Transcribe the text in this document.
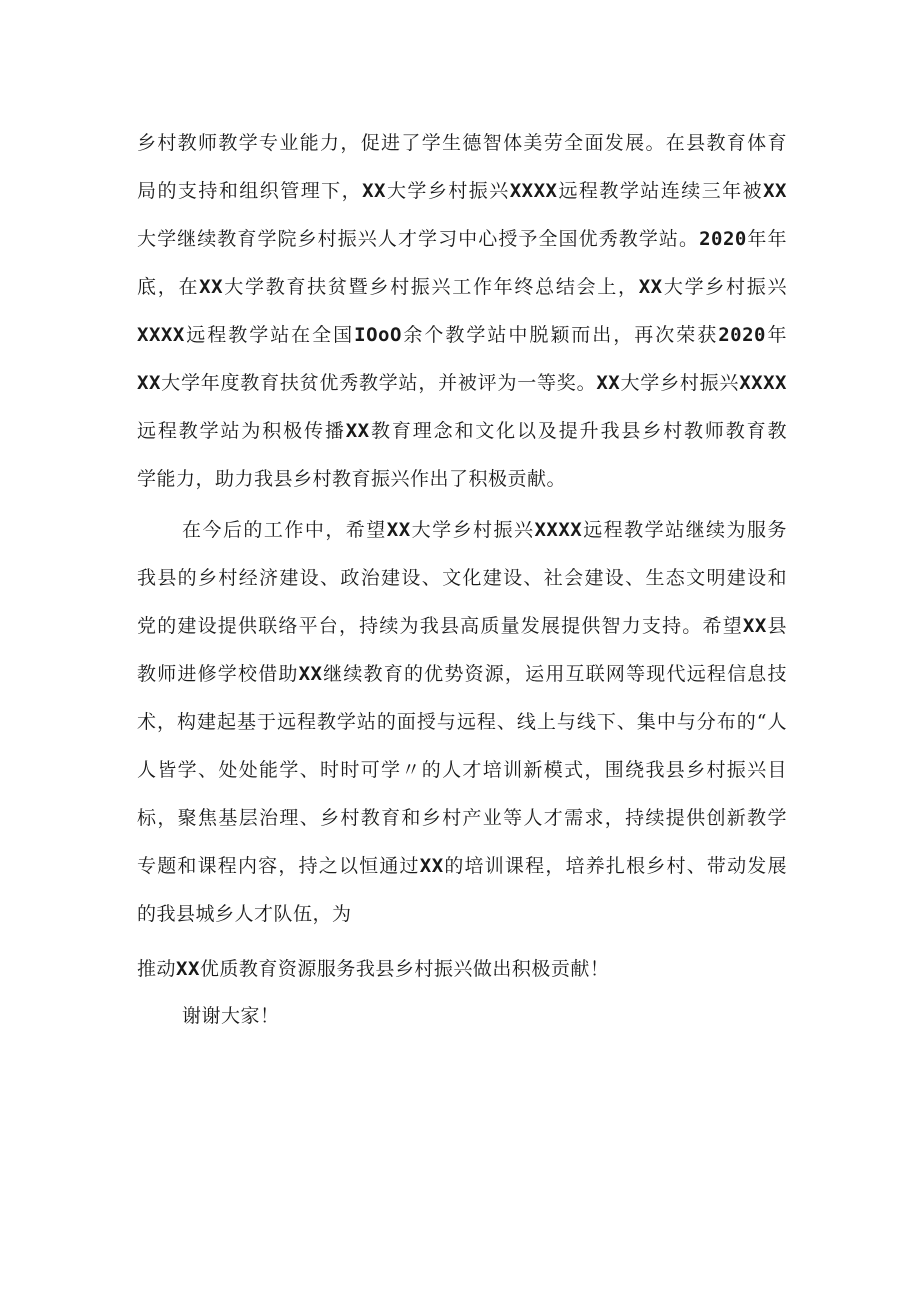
乡村教师教学专业能力，促进了学生德智体美劳全面发展。在县教育体育
局的支持和组织管理下，XX大学乡村振兴XXXX远程教学站连续三年被XX
大学继续教育学院乡村振兴人才学习中心授予全国优秀教学站。2020年年
底，在XX大学教育扶贫暨乡村振兴工作年终总结会上，XX大学乡村振兴
XXXX远程教学站在全国IOoO余个教学站中脱颖而出，再次荣获2020年
XX大学年度教育扶贫优秀教学站，并被评为一等奖。XX大学乡村振兴XXXX
远程教学站为积极传播XX教育理念和文化以及提升我县乡村教师教育教
学能力，助力我县乡村教育振兴作出了积极贡献。
在今后的工作中，希望XX大学乡村振兴XXXX远程教学站继续为服务
我县的乡村经济建设、政治建设、文化建设、社会建设、生态文明建设和
党的建设提供联络平台，持续为我县高质量发展提供智力支持。希望XX县
教师进修学校借助XX继续教育的优势资源，运用互联网等现代远程信息技
术，构建起基于远程教学站的面授与远程、线上与线下、集中与分布的“人
人皆学、处处能学、时时可学〃的人才培训新模式，围绕我县乡村振兴目
标，聚焦基层治理、乡村教育和乡村产业等人才需求，持续提供创新教学
专题和课程内容，持之以恒通过XX的培训课程，培养扎根乡村、带动发展
的我县城乡人才队伍，为
推动XX优质教育资源服务我县乡村振兴做出积极贡献！
谢谢大家！
